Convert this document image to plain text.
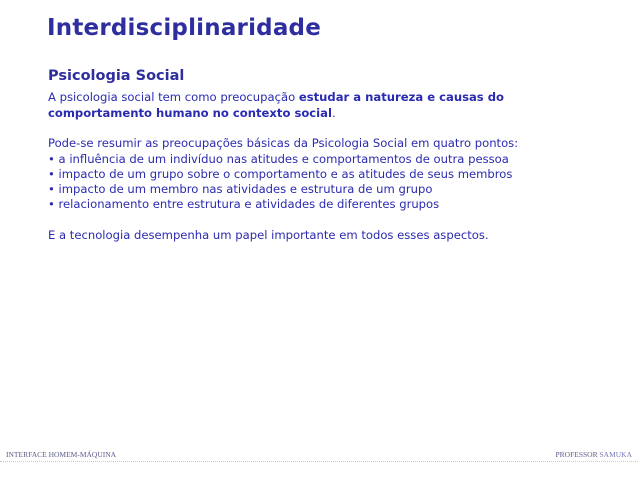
Interdisciplinaridade
Psicologia Social

A psicologia social tem como preocupação estudar a natureza e causas do comportamento humano no contexto social.

Pode-se resumir as preocupações básicas da Psicologia Social em quatro pontos:

• a influência de um indivíduo nas atitudes e comportamentos de outra pessoa
• impacto de um grupo sobre o comportamento e as atitudes de seus membros
• impacto de um membro nas atividades e estrutura de um grupo
• relacionamento entre estrutura e atividades de diferentes grupos

E a tecnologia desempenha um papel importante em todos esses aspectos.

INTERFACE HOMEM-MÁQUINA	PROFESSOR SAMUKA
